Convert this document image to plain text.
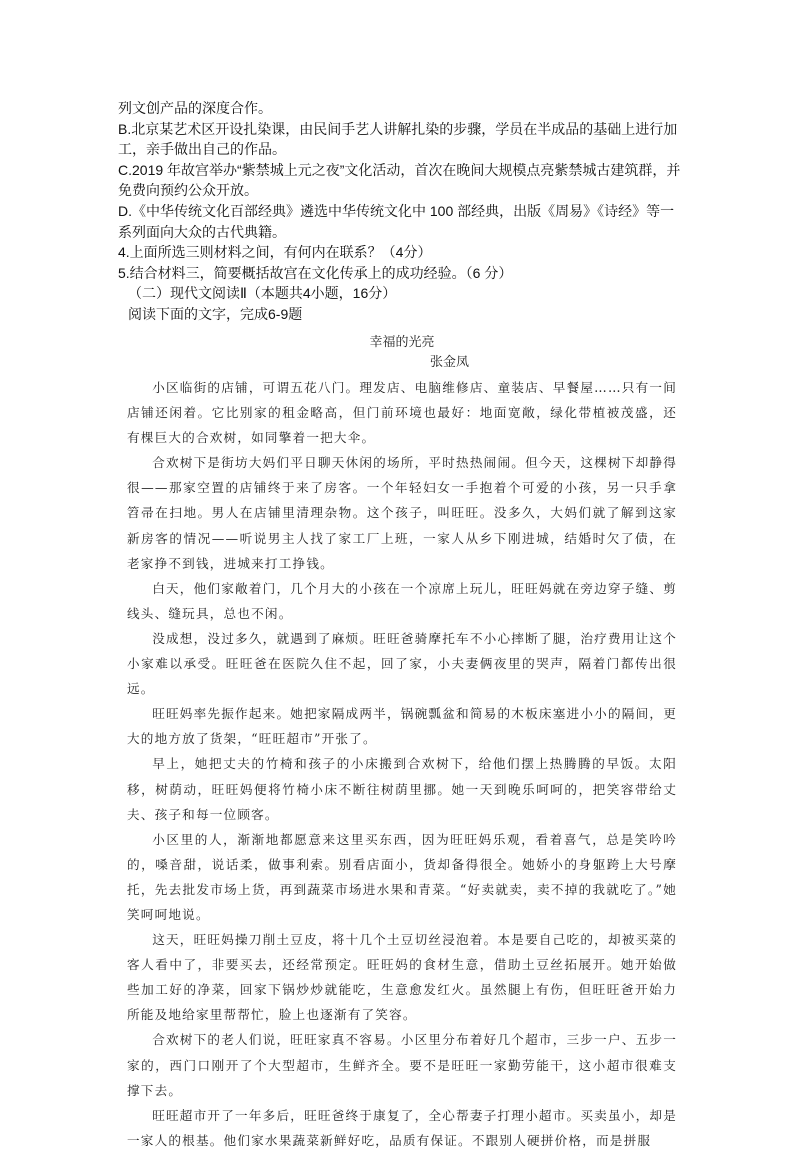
列文创产品的深度合作。

B.北京某艺术区开设扎染课，由民间手艺人讲解扎染的步骤，学员在半成品的基础上进行加工，亲手做出自己的作品。

C.2019 年故宫举办“紫禁城上元之夜”文化活动，首次在晚间大规模点亮紫禁城古建筑群，并免费向预约公众开放。

D.《中华传统文化百部经典》遴选中华传统文化中 100 部经典，出版《周易》《诗经》等一系列面向大众的古代典籍。

4.上面所选三则材料之间，有何内在联系？（4分）

5.结合材料三，简要概括故宫在文化传承上的成功经验。（6 分）

（二）现代文阅读Ⅱ（本题共4小题，16分）

阅读下面的文字，完成6-9题

幸福的光亮

张金凤

小区临街的店铺，可谓五花八门。理发店、电脑维修店、童装店、早餐屋……只有一间店铺还闲着。它比别家的租金略高，但门前环境也最好：地面宽敞，绿化带植被茂盛，还有棵巨大的合欢树，如同擎着一把大伞。

合欢树下是街坊大妈们平日聊天休闲的场所，平时热热闹闹。但今天，这棵树下却静得很——那家空置的店铺终于来了房客。一个年轻妇女一手抱着个可爱的小孩，另一只手拿笤帚在扫地。男人在店铺里清理杂物。这个孩子，叫旺旺。没多久，大妈们就了解到这家新房客的情况——听说男主人找了家工厂上班，一家人从乡下刚进城，结婚时欠了债，在老家挣不到钱，进城来打工挣钱。

白天，他们家敞着门，几个月大的小孩在一个凉席上玩儿，旺旺妈就在旁边穿子缝、剪线头、缝玩具，总也不闲。

没成想，没过多久，就遇到了麻烦。旺旺爸骑摩托车不小心摔断了腿，治疗费用让这个小家难以承受。旺旺爸在医院久住不起，回了家，小夫妻俩夜里的哭声，隔着门都传出很远。

旺旺妈率先振作起来。她把家隔成两半，锅碗瓢盆和简易的木板床塞进小小的隔间，更大的地方放了货架，“旺旺超市”开张了。

早上，她把丈夫的竹椅和孩子的小床搬到合欢树下，给他们摆上热腾腾的早饭。太阳移，树荫动，旺旺妈便将竹椅小床不断往树荫里挪。她一天到晚乐呵呵的，把笑容带给丈夫、孩子和每一位顾客。

小区里的人，渐渐地都愿意来这里买东西，因为旺旺妈乐观，看着喜气，总是笑吟吟的，嗓音甜，说话柔，做事利索。别看店面小，货却备得很全。她娇小的身躯跨上大号摩托，先去批发市场上货，再到蔬菜市场进水果和青菜。“好卖就卖，卖不掉的我就吃了。”她笑呵呵地说。

这天，旺旺妈操刀削土豆皮，将十几个土豆切丝浸泡着。本是要自己吃的，却被买菜的客人看中了，非要买去，还经常预定。旺旺妈的食材生意，借助土豆丝拓展开。她开始做些加工好的净菜，回家下锅炒炒就能吃，生意愈发红火。虽然腿上有伤，但旺旺爸开始力所能及地给家里帮帮忙，脸上也逐渐有了笑容。

合欢树下的老人们说，旺旺家真不容易。小区里分布着好几个超市，三步一户、五步一家的，西门口刚开了个大型超市，生鲜齐全。要不是旺旺一家勤劳能干，这小超市很难支撑下去。

旺旺超市开了一年多后，旺旺爸终于康复了，全心帮妻子打理小超市。买卖虽小，却是一家人的根基。他们家水果蔬菜新鲜好吃，品质有保证。不跟别人硬拼价格，而是拼服
